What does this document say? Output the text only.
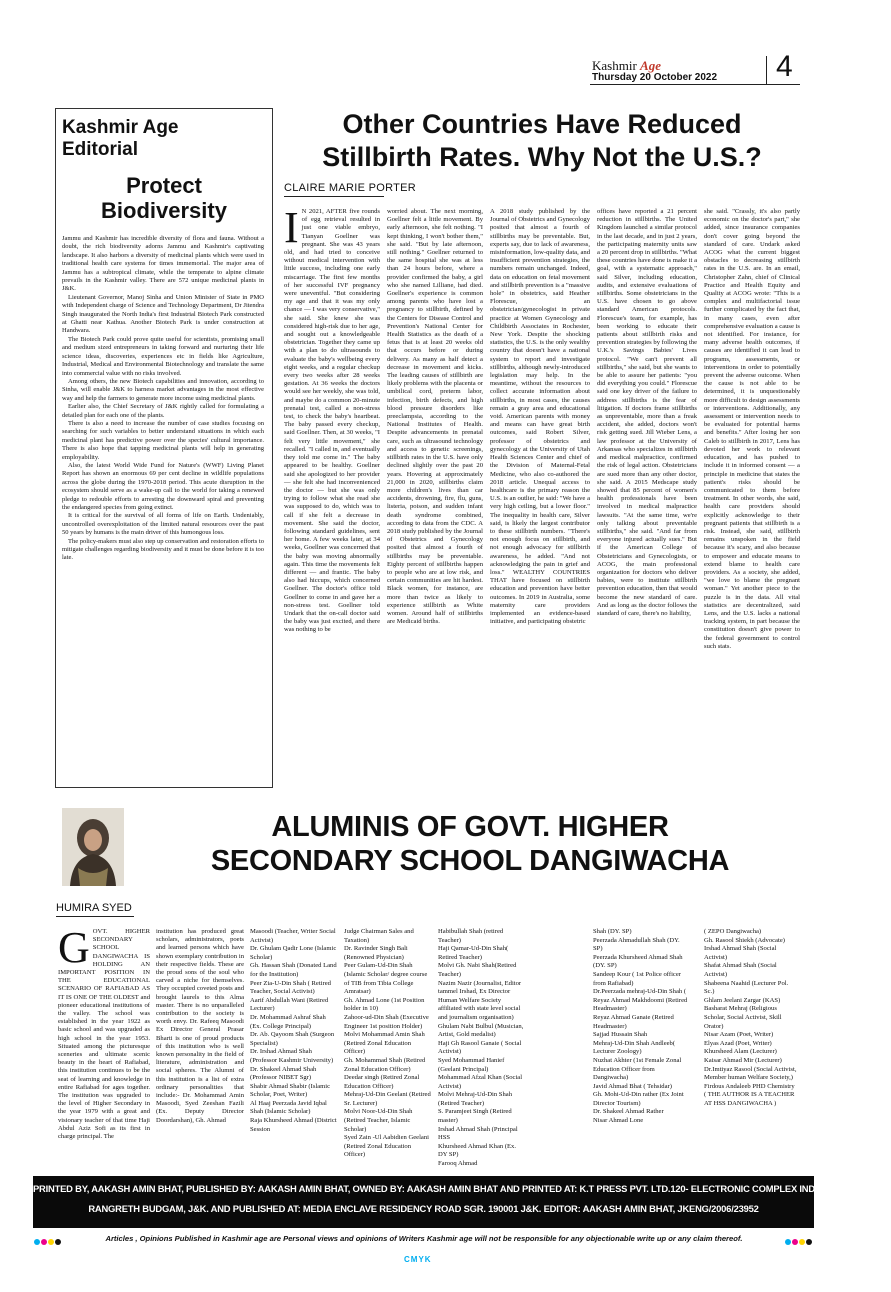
Kashmir Age
Thursday 20 October 2022 4
Kashmir Age Editorial
Protect Biodiversity

Jammu and Kashmir has incredible diversity of flora and fauna. Without a doubt, the rich biodiversity adorns Jammu and Kashmir's captivating landscape. It also harbors a diversity of medicinal plants which were used in traditional health care systems for times immemorial. The major area of Jammu has a subtropical climate, while the temperate to alpine climate prevails in the Kashmir valley. There are 572 unique medicinal plants in J&K.

Lieutenant Governor, Manoj Sinha and Union Minister of State in PMO with Independent charge of Science and Technology Department, Dr Jitendra Singh inaugurated the North India's first Industrial Biotech Park constructed at Ghatti near Kathua. Another Biotech Park is under construction at Handwara.

The Biotech Park could prove quite useful for scientists, promising small and medium sized entrepreneurs in taking forward and nurturing their life science ideas, discoveries, experiences etc in fields like Agriculture, Industrial, Medical and Environmental Biotechnology and translate the same into commercial value with no risks involved.

Among others, the new Biotech capabilities and innovation, according to Sinha, will enable J&K to harness market advantages in the most effective way and help the farmers to generate more income using medicinal plants.

Earlier also, the Chief Secretary of J&K rightly called for formulating a detailed plan for each one of the plants.

There is also a need to increase the number of case studies focusing on searching for such variables to better understand situations in which each medicinal plant has predictive power over the species' cultural importance. There is also hope that tapping medicinal plants will help in generating employability.

Also, the latest World Wide Fund for Nature's (WWF) Living Planet Report has shown an enormous 69 per cent decline in wildlife populations across the globe during the 1970-2018 period. This acute disruption in the ecosystem should serve as a wake-up call to the world for taking a renewed pledge to redouble efforts to arresting the downward spiral and preventing the endangered species from going extinct.

It is critical for the survival of all forms of life on Earth. Undeniably, uncontrolled overexploitation of the limited natural resources over the past 50 years by humans is the main driver of this humongous loss.

The policy-makers must also step up conservation and restoration efforts to mitigate challenges regarding biodiversity and it must be done before it is too late.

Other Countries Have Reduced
Stillbirth Rates. Why Not the U.S.?
CLAIRE MARIE PORTER
I N 2021, AFTER five rounds of egg retrieval resulted in just one viable embryo, Tianyan Goellner was pregnant. She was 43 years old, and had tried to conceive without medical intervention with little success, including one early miscarriage. The first few months of her successful IVF pregnancy were uneventful. "But considering my age and that it was my only chance — I was very conservative," she said. She knew she was considered high-risk due to her age, and sought out a knowledgeable obstetrician. Together they came up with a plan to do ultrasounds to evaluate the baby's wellbeing every eight weeks, and a regular checkup every two weeks after 28 weeks gestation. At 36 weeks the doctors would see her weekly, she was told, and maybe do a common 20-minute prenatal test, called a non-stress test, to check the baby's heartbeat. The baby passed every checkup, said Goellner. Then, at 30 weeks, "I felt very little movement," she recalled. "I called in, and eventually they told me come in." The baby appeared to be healthy. Goellner said she apologized to her provider — she felt she had inconvenienced the doctor — but she was only trying to follow what she read she was supposed to do, which was to call if she felt a decrease in movement. She said the doctor, following standard guidelines, sent her home. A few weeks later, at 34 weeks, Goellner was concerned that the baby was moving abnormally again. This time the movements felt different — and frantic. The baby also had hiccups, which concerned Goellner. The doctor's office told Goellner to come in and gave her a non-stress test. Goellner told Undark that the on-call doctor said the baby was just excited, and there was nothing to be
worried about. The next morning, Goellner felt a little movement. By early afternoon, she felt nothing. "I kept thinking, I won't bother them," she said. "But by late afternoon, still nothing." Goellner returned to the same hospital she was at less than 24 hours before, where a provider confirmed the baby, a girl who she named Lilliane, had died. Goellner's experience is common among parents who have lost a pregnancy to stillbirth, defined by the Centers for Disease Control and Prevention's National Center for Health Statistics as the death of a fetus that is at least 20 weeks old that occurs before or during delivery. As many as half detect a decrease in movement and kicks. The leading causes of stillbirth are likely problems with the placenta or umbilical cord, preterm labor, infection, birth defects, and high blood pressure disorders like preeclampsia, according to the National Institutes of Health. Despite advancements in prenatal care, such as ultrasound technology and access to genetic screenings, stillbirth rates in the U.S. have only declined slightly over the past 20 years. Hovering at approximately 21,000 in 2020, stillbirths claim more children's lives than car accidents, drowning, fire, flu, guns, listeria, poison, and sudden infant death syndrome combined, according to data from the CDC. A 2018 study published by the Journal of Obstetrics and Gynecology posited that almost a fourth of stillbirths may be preventable. Eighty percent of stillbirths happen to people who are at low risk, and certain communities are hit hardest. Black women, for instance, are more than twice as likely to experience stillbirth as White women. Around half of stillbirths are Medicaid births.
A 2018 study published by the Journal of Obstetrics and Gynecology posited that almost a fourth of stillbirths may be preventable. But, experts say, due to lack of awareness, misinformation, low-quality data, and insufficient prevention strategies, the numbers remain unchanged. Indeed, data on education on fetal movement and stillbirth prevention is a "massive hole" in obstetrics, said Heather Florescue, an obstetrician/gynecologist in private practice at Women Gynecology and Childbirth Associates in Rochester, New York. Despite the shocking statistics, the U.S. is the only wealthy country that doesn't have a national system to report and investigate stillbirths, although newly-introduced legislation may help. In the meantime, without the resources to collect accurate information about stillbirths, in most cases, the causes remain a gray area and educational void. American parents with money and means can have great birth outcomes, said Robert Silver, professor of obstetrics and gynecology at the University of Utah Health Sciences Center and chief of the Division of Maternal-Fetal Medicine, who also co-authored the 2018 article. Unequal access to healthcare is the primary reason the U.S. is an outlier, he said: "We have a very high ceiling, but a lower floor." The inequality in health care, Silver said, is likely the largest contributor to these stillbirth numbers. "There's not enough focus on stillbirth, and not enough advocacy for stillbirth awareness, he added. "And not acknowledging the pain in grief and loss." WEALTHY COUNTRIES THAT have focused on stillbirth education and prevention have better outcomes. In 2019 in Australia, some maternity care providers implemented an evidence-based initiative, and participating obstetric
offices have reported a 21 percent reduction in stillbirths. The United Kingdom launched a similar protocol in the last decade, and in just 2 years, the participating maternity units saw a 20 percent drop in stillbirths. "What these countries have done is make it a goal, with a systematic approach," said Silver, including education, audits, and extensive evaluations of stillbirths. Some obstetricians in the U.S. have chosen to go above standard American protocols. Florescue's team, for example, has been working to educate their patients about stillbirth risks and prevention strategies by following the U.K.'s Savings Babies' Lives protocol. "We can't prevent all stillbirths," she said, but she wants to be able to assure her patients: "you did everything you could." Florescue said one key driver of the failure to address stillbirths is the fear of litigation. If doctors frame stillbirths as unpreventable, more than a freak accident, she added, doctors won't risk getting sued. Jill Wieber Lens, a law professor at the University of Arkansas who specializes in stillbirth and medical malpractice, confirmed the risk of legal action. Obstetricians are sued more than any other doctor, she said. A 2015 Medscape study showed that 85 percent of women's health professionals have been involved in medical malpractice lawsuits. "At the same time, we're only talking about preventable stillbirths," she said. "And far from everyone injured actually sues." But if the American College of Obstetricians and Gynecologists, or ACOG, the main professional organization for doctors who deliver babies, were to institute stillbirth prevention education, then that would become the new standard of care. And as long as the doctor follows the standard of care, there's no liability,
she said. "Crassly, it's also partly economic on the doctor's part," she added, since insurance companies don't cover going beyond the standard of care. Undark asked ACOG what the current biggest obstacles to decreasing stillbirth rates in the U.S. are. In an email, Christopher Zahn, chief of Clinical Practice and Health Equity and Quality at ACOG wrote: "This is a complex and multifactorial issue further complicated by the fact that, in many cases, even after comprehensive evaluation a cause is not identified. For instance, for many adverse health outcomes, if causes are identified it can lead to programs, assessments, or interventions in order to potentially prevent the adverse outcome. When the cause is not able to be determined, it is unquestionably more difficult to design assessments or interventions. Additionally, any assessment or intervention needs to be evaluated for potential harms and benefits." After losing her son Caleb to stillbirth in 2017, Lens has devoted her work to relevant education, and has pushed to include it in informed consent — a principle in medicine that states the patient's risks should be communicated to them before treatment. In other words, she said, health care providers should explicitly acknowledge to their pregnant patients that stillbirth is a risk. Instead, she said, stillbirth remains unspoken in the field because it's scary, and also because to empower and educate means to extend blame to health care providers. As a society, she added, "we love to blame the pregnant woman." Yet another piece to the puzzle is in the data. All vital statistics are decentralized, said Lens, and the U.S. lacks a national tracking system, in part because the constitution doesn't give power to the federal government to control such stats.
HUMIRA SYED
ALUMINIS OF GOVT. HIGHER
SECONDARY SCHOOL DANGIWACHA
G OVT. HIGHER SECONDARY SCHOOL DANGIWACHA IS HOLDING AN IMPORTANT POSITION IN THE EDUCATIONAL SCENARIO OF RAFIABAD AS IT IS ONE OF THE OLDEST and pioneer educational institutions of the valley. The school was established in the year 1922 as basic school and was upgraded as high school in the year 1953. Situated among the picturesque sceneries and ultimate scenic beauty in the heart of Rafiabad, this institution continues to be the seat of learning and knowledge in entire Rafiabad for ages together. The institution was upgraded to the level of Higher Secondary in the year 1979 with a great and visionary teacher of that time Haji Abdul Aziz Sofi as its first in charge principal. The
institution has produced great scholars, administrators, poets and learned persons which have shown exemplary contribution in their respective fields. These are the proud sons of the soul who carved a niche for themselves. They occupied coveted posts and brought laurels to this Alma master. There is no unparalleled contribution to the society is worth envy. Dr. Rafeeq Masoodi Ex Director General Prasar Bharti is one of proud products of this institution who is well known personality in the field of literature, administration and social spheres. The Alumni of this institution is a list of extra ordinary personalities that include:- Dr. Mohammad Amin Masoodi, Syed Zeeshan Fazili (Ex. Deputy Director Doordarshan), Gh. Ahmad
Masoodi (Teacher, Writer Social Activist)
Dr. Ghulam Qadir Lone (Islamic Scholar)
Gh. Hassan Shah (Donated Land for the Institution)
Peer Zia-U-Din Shah ( Retired Teacher, Social Activist)
Aarif Abdullah Wani (Retired Lecturer)
Dr. Mohammad Ashraf Shah (Ex. College Principal)
Dr. Ab. Qayoom Shah (Surgeon Specialist)
Dr. Irshad Ahmad Shah (Professor Kashmir University)
Dr. Shakeel Ahmad Shah (Professor NIBET Sgr)
Shabir Ahmad Shabir (Islamic Scholar, Poet, Writer)
Al Haaj Peerzada Javid Iqbal Shah (Islamic Scholar)
Raja Khursheed Ahmad (District Session
Judge Chairman Sales and Taxation)
Dr. Ravinder Singh Bali (Renowned Physician)
Peer Gulam-Ud-Din Shah (Islamic Scholar/ degree course of TIB from Tibia College Amratsar)
Gh. Ahmad Lone (1st Position holder in 10)
Zahoor-ud-Din Shah (Executive Engineer 1st position Holder)
Molvi Mohammad Amin Shah (Retired Zonal Education Officer)
Gh. Mohammad Shah (Retired Zonal Education Officer)
Deedar singh (Retired Zonal Education Officer)
Mehraj-Ud-Din Geelani (Retired Sr. Lecturer)
Molvi Noor-Ud-Din Shah (Retired Teacher, Islamic Scholar)
Syed Zain -Ul Aabidien Geelani (Retired Zonal Education Officer)
Habibullah Shah (retired Teacher)
Haji Qamar-Ud-Din Shah( Retired Teacher)
Molvi Gh. Nabi Shah(Retired Teacher)
Nazim Nazir (Journalist, Editor tammel Irshad, Ex Director Human Welfare Society affiliated with state level social and journalism organisation)
Ghulam Nabi Bulbul (Musician, Artist, Gold medalist)
Haji Gh Rasool Ganaie ( Social Activist)
Syed Mohammad Hanief (Geelani Principal)
Mohammad Afzal Khan (Social Activist)
Molvi Mehraj-Ud-Din Shah (Retired Teacher)
S. Paramjeet Singh (Retired master)
Irshad Ahmad Shah (Principal HSS
Khursheed Ahmad Khan (Ex. DY SP)
Farooq Ahmad
Shah (DY. SP)
Peerzada Ahmadullah Shah (DY. SP)
Peerzada Khursheed Ahmad Shah (DY. SP)
Sandeep Kour ( 1st Police officer from Rafiabad)
Dr.Peerzada mehraj-Ud-Din Shah (
Reyaz Ahmad Makhdoomi (Retired Headmaster)
Reyaz Ahmad Ganaie (Retired Headmaster)
Sajjad Hussain Shah
Mehraj-Ud-Din Shah Andleeb( Lecturer Zoology)
Nuzhat Akhter (1st Female Zonal Education Officer from Dangiwacha)
Javid Ahmad Bhat ( Tehsidar)
Gh. Mohi-Ud-Din rather (Ex Joint Director Tourism)
Dr. Shakeel Ahmad Rather
Nisar Ahmad Lone
( ZEPO Dangiwacha)
Gh. Rasool Shiekh (Advocate)
Irshad Ahmad Shah (Social Activist)
Shafat Ahmad Shah (Social Activist)
Shabeena Naahid (Lecturer Pol. Sc.)
Ghlam Jeelani Zargar (KAS)
Basharat Mehraj (Religious Scholar, Social Activist, Skill Orator)
Nisar Azam (Poet, Writer)
Elyas Azad (Poet, Writer)
Khursheed Alam (Lecturer)
Kaisar Ahmad Mir (Lecturer)
Dr.Imtiyaz Rasool (Social Activist, Member human Welfare Society,)
Firdous Andaleeb PHD Chemistry
( THE AUTHOR IS A TEACHER AT HSS DANGIWACHA )
PRINTED BY, AAKASH AMIN BHAT, PUBLISHED BY: AAKASH AMIN BHAT, OWNED BY: AAKASH AMIN BHAT AND PRINTED AT: K.T PRESS PVT. LTD.120- ELECTRONIC COMPLEX INDUSTRIAL ESTATE
RANGRETH BUDGAM, J&K. AND PUBLISHED AT: MEDIA ENCLAVE RESIDENCY ROAD SGR. 190001 J&K. EDITOR: AAKASH AMIN BHAT, JKENG/2006/23952
Articles , Opinions Published in Kashmir age are Personal views and opinions of Writers Kashmir age will not be responsible for any objectionable write up or any claim thereof.
CMYK
